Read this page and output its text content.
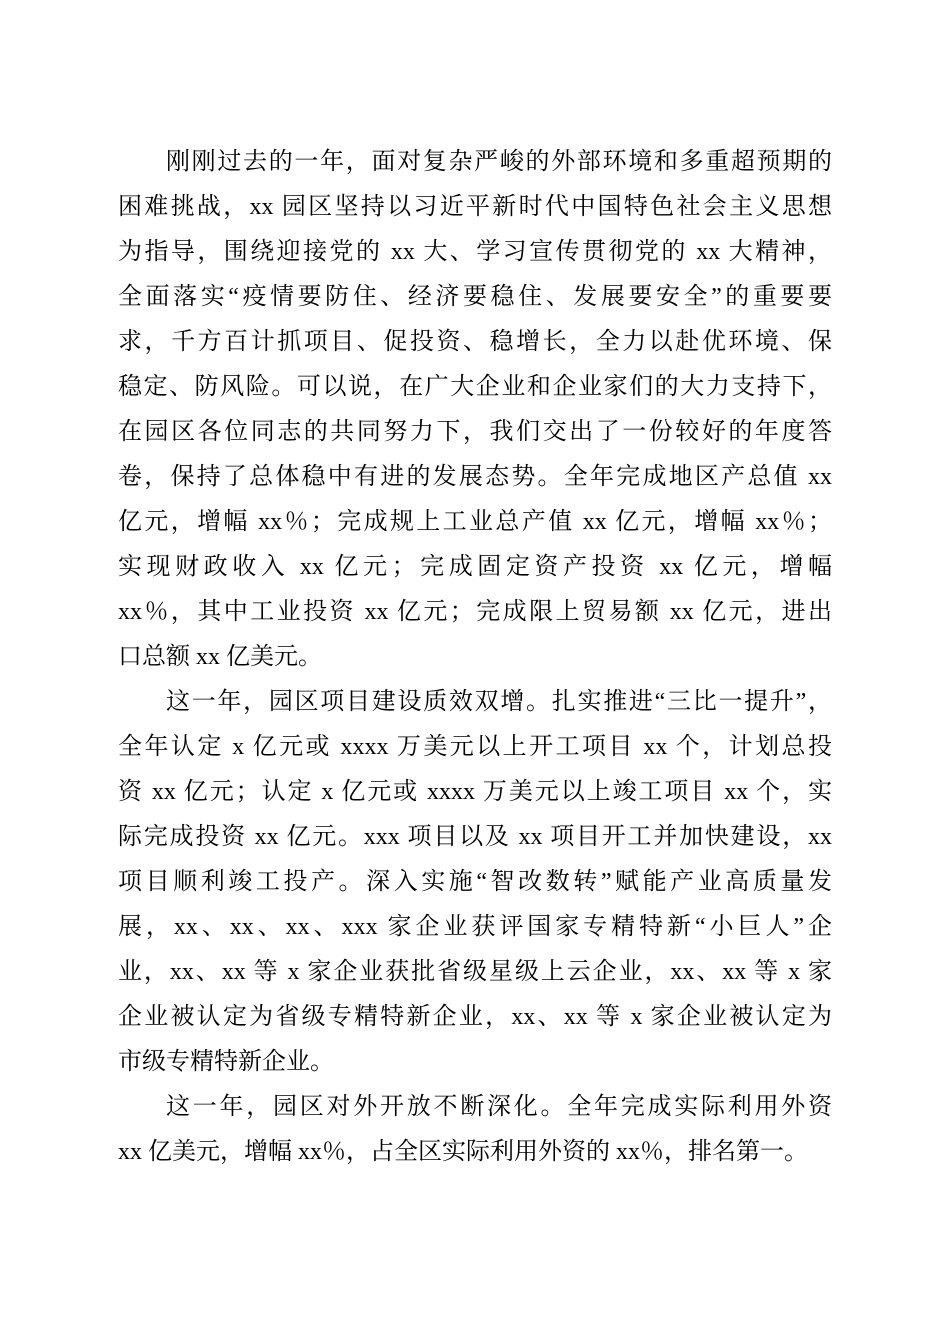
刚刚过去的一年，面对复杂严峻的外部环境和多重超预期的
困难挑战，xx 园区坚持以习近平新时代中国特色社会主义思想
为指导，围绕迎接党的 xx 大、学习宣传贯彻党的 xx 大精神，
全面落实“疫情要防住、经济要稳住、发展要安全”的重要要
求，千方百计抓项目、促投资、稳增长，全力以赴优环境、保
稳定、防风险。可以说，在广大企业和企业家们的大力支持下，
在园区各位同志的共同努力下，我们交出了一份较好的年度答
卷，保持了总体稳中有进的发展态势。全年完成地区产总值 xx
亿元，增幅 xx％；完成规上工业总产值 xx 亿元，增幅 xx％；
实现财政收入 xx 亿元；完成固定资产投资 xx 亿元，增幅
xx％，其中工业投资 xx 亿元；完成限上贸易额 xx 亿元，进出
口总额 xx 亿美元。
这一年，园区项目建设质效双增。扎实推进“三比一提升”，
全年认定 x 亿元或 xxxx 万美元以上开工项目 xx 个，计划总投
资 xx 亿元；认定 x 亿元或 xxxx 万美元以上竣工项目 xx 个，实
际完成投资 xx 亿元。xxx 项目以及 xx 项目开工并加快建设，xx
项目顺利竣工投产。深入实施“智改数转”赋能产业高质量发
展，xx、xx、xx、xxx 家企业获评国家专精特新“小巨人”企
业，xx、xx 等 x 家企业获批省级星级上云企业，xx、xx 等 x 家
企业被认定为省级专精特新企业，xx、xx 等 x 家企业被认定为
市级专精特新企业。
这一年，园区对外开放不断深化。全年完成实际利用外资
xx 亿美元，增幅 xx％，占全区实际利用外资的 xx％，排名第一。
